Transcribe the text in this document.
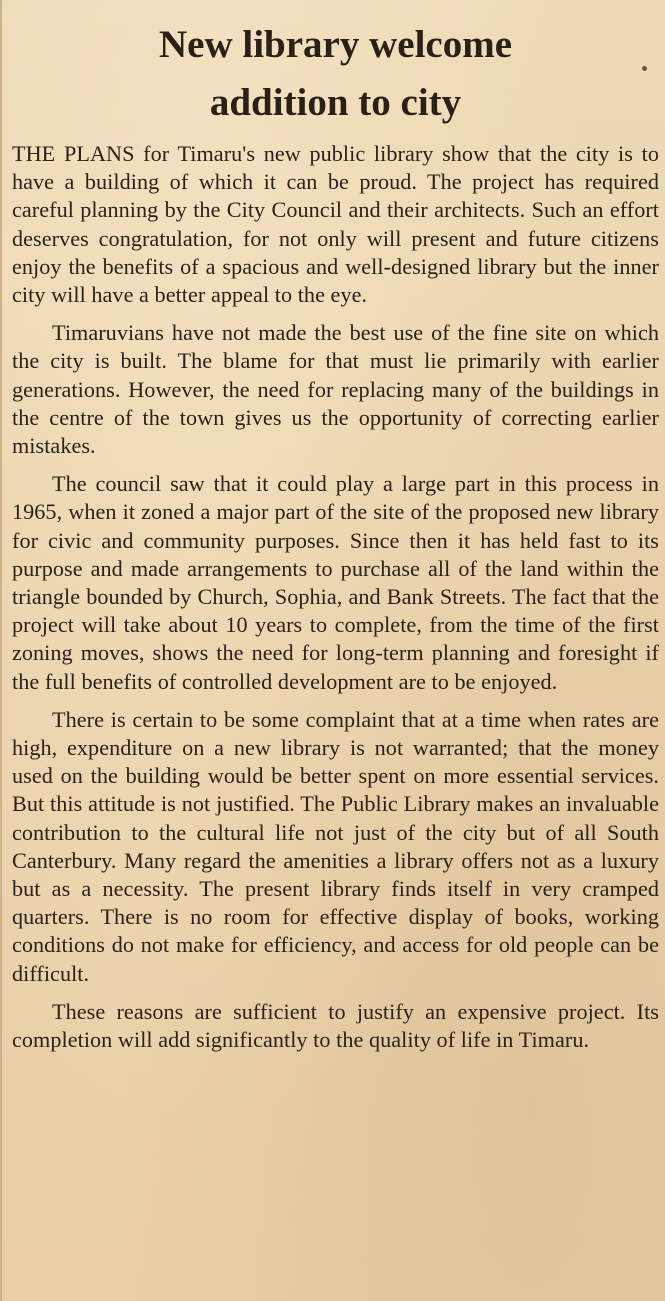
New library welcome
addition to city

THE PLANS for Timaru's new public library show that the city is to have a building of which it can be proud. The project has required careful planning by the City Council and their architects. Such an effort deserves congratulation, for not only will present and future citizens enjoy the benefits of a spacious and well-designed library but the inner city will have a better appeal to the eye.

Timaruvians have not made the best use of the fine site on which the city is built. The blame for that must lie primarily with earlier generations. However, the need for replacing many of the buildings in the centre of the town gives us the opportunity of correcting earlier mistakes.

The council saw that it could play a large part in this process in 1965, when it zoned a major part of the site of the proposed new library for civic and community purposes. Since then it has held fast to its purpose and made arrangements to purchase all of the land within the triangle bounded by Church, Sophia, and Bank Streets. The fact that the project will take about 10 years to complete, from the time of the first zoning moves, shows the need for long-term planning and foresight if the full benefits of controlled development are to be enjoyed.

There is certain to be some complaint that at a time when rates are high, expenditure on a new library is not warranted; that the money used on the building would be better spent on more essential services. But this attitude is not justified. The Public Library makes an invaluable contribution to the cultural life not just of the city but of all South Canterbury. Many regard the amenities a library offers not as a luxury but as a necessity. The present library finds itself in very cramped quarters. There is no room for effective display of books, working conditions do not make for efficiency, and access for old people can be difficult.

These reasons are sufficient to justify an expensive project. Its completion will add significantly to the quality of life in Timaru.
